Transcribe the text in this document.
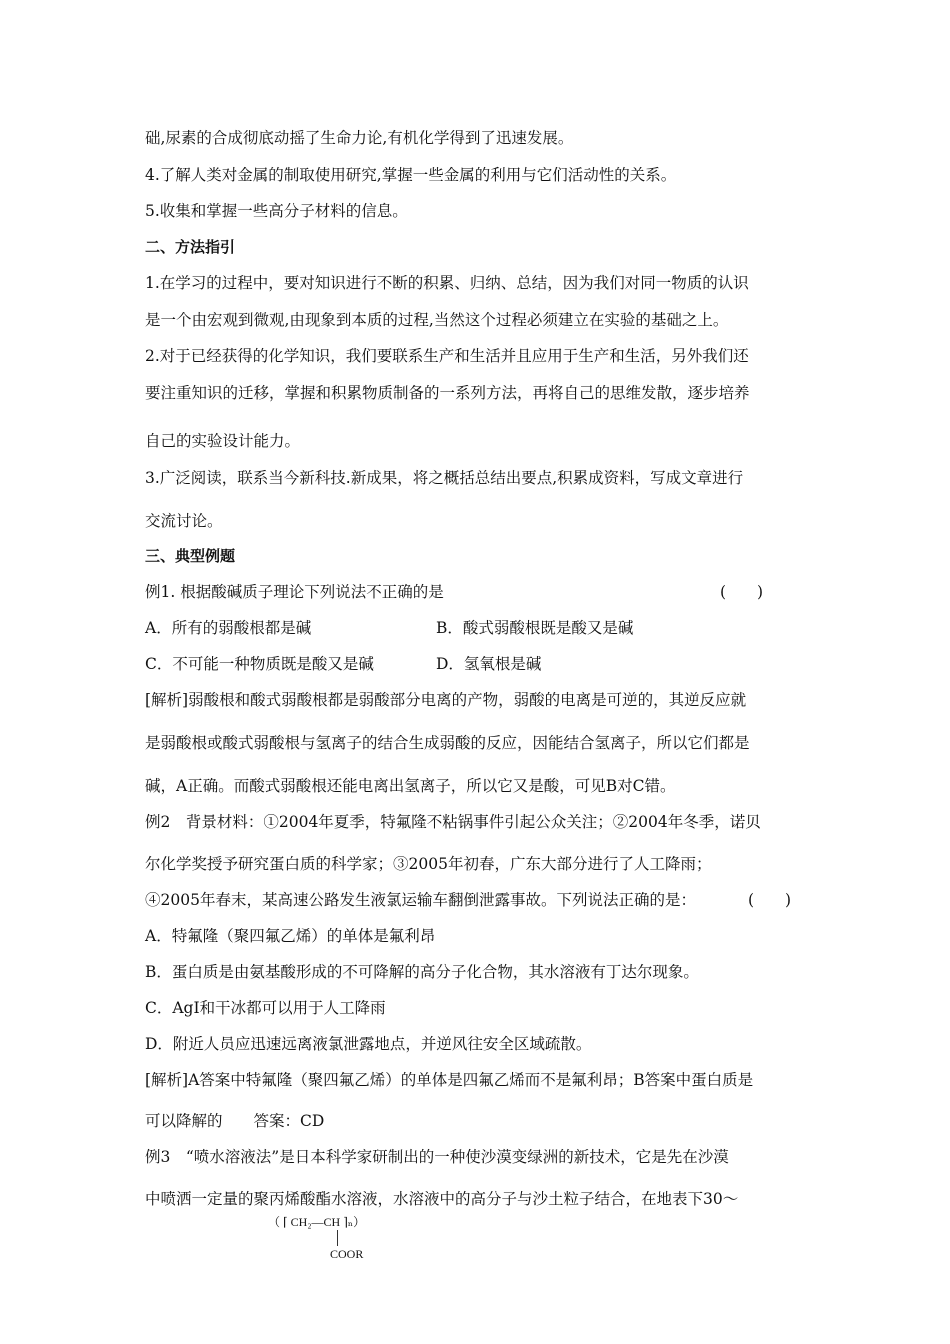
础,尿素的合成彻底动摇了生命力论,有机化学得到了迅速发展。
4.了解人类对金属的制取使用研究,掌握一些金属的利用与它们活动性的关系。
5.收集和掌握一些高分子材料的信息。
二、方法指引
1.在学习的过程中，要对知识进行不断的积累、归纳、总结，因为我们对同一物质的认识
是一个由宏观到微观,由现象到本质的过程,当然这个过程必须建立在实验的基础之上。
2.对于已经获得的化学知识，我们要联系生产和生活并且应用于生产和生活，另外我们还
要注重知识的迁移，掌握和积累物质制备的一系列方法，再将自己的思维发散，逐步培养
自己的实验设计能力。
3.广泛阅读，联系当今新科技.新成果，将之概括总结出要点,积累成资料，写成文章进行
交流讨论。
三、典型例题
例1. 根据酸碱质子理论下列说法不正确的是	(　　)
A．所有的弱酸根都是碱	B．酸式弱酸根既是酸又是碱
C．不可能一种物质既是酸又是碱	D．氢氧根是碱
[解析]弱酸根和酸式弱酸根都是弱酸部分电离的产物，弱酸的电离是可逆的，其逆反应就
是弱酸根或酸式弱酸根与氢离子的结合生成弱酸的反应，因能结合氢离子，所以它们都是
碱，A正确。而酸式弱酸根还能电离出氢离子，所以它又是酸，可见B对C错。
例2　背景材料：①2004年夏季，特氟隆不粘锅事件引起公众关注；②2004年冬季，诺贝
尔化学奖授予研究蛋白质的科学家；③2005年初春，广东大部分进行了人工降雨；
④2005年春末，某高速公路发生液氯运输车翻倒泄露事故。下列说法正确的是：	(　　)
A．特氟隆（聚四氟乙烯）的单体是氟利昂
B．蛋白质是由氨基酸形成的不可降解的高分子化合物，其水溶液有丁达尔现象。
C．AgI和干冰都可以用于人工降雨
D．附近人员应迅速远离液氯泄露地点，并逆风往安全区域疏散。
[解析]A答案中特氟隆（聚四氟乙烯）的单体是四氟乙烯而不是氟利昂；B答案中蛋白质是
可以降解的　　答案：CD
例3　“喷水溶液法”是日本科学家研制出的一种使沙漠变绿洲的新技术，它是先在沙漠
中喷洒一定量的聚丙烯酸酯水溶液，水溶液中的高分子与沙土粒子结合，在地表下30～
（ ⌈ CH₂—CH ⌉ₙ）
COOR
